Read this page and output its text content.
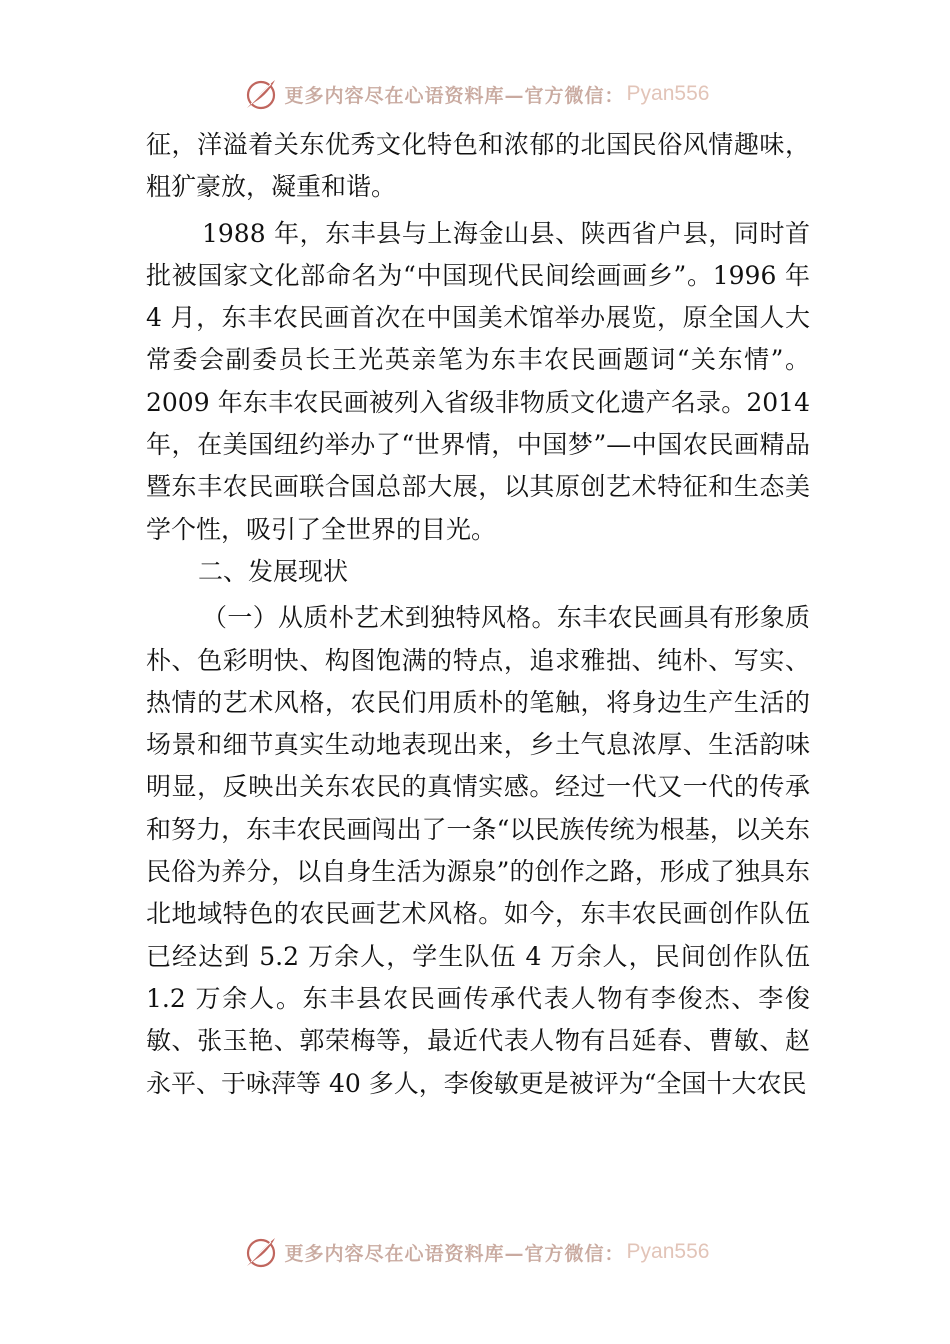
更多内容尽在心语资料库—官方微信： Pyan556

征，洋溢着关东优秀文化特色和浓郁的北国民俗风情趣味，粗犷豪放，凝重和谐。

1988 年，东丰县与上海金山县、陕西省户县，同时首批被国家文化部命名为“中国现代民间绘画画乡”。1996 年 4 月，东丰农民画首次在中国美术馆举办展览，原全国人大常委会副委员长王光英亲笔为东丰农民画题词“关东情”。2009 年东丰农民画被列入省级非物质文化遗产名录。2014 年，在美国纽约举办了“世界情，中国梦”—中国农民画精品暨东丰农民画联合国总部大展，以其原创艺术特征和生态美学个性，吸引了全世界的目光。

二、发展现状

（一）从质朴艺术到独特风格。东丰农民画具有形象质朴、色彩明快、构图饱满的特点，追求雅拙、纯朴、写实、热情的艺术风格，农民们用质朴的笔触，将身边生产生活的场景和细节真实生动地表现出来，乡土气息浓厚、生活韵味明显，反映出关东农民的真情实感。经过一代又一代的传承和努力，东丰农民画闯出了一条“以民族传统为根基，以关东民俗为养分，以自身生活为源泉”的创作之路，形成了独具东北地域特色的农民画艺术风格。如今，东丰农民画创作队伍已经达到 5.2 万余人，学生队伍 4 万余人，民间创作队伍 1.2 万余人。东丰县农民画传承代表人物有李俊杰、李俊敏、张玉艳、郭荣梅等，最近代表人物有吕延春、曹敏、赵永平、于咏萍等 40 多人，李俊敏更是被评为“全国十大农民

更多内容尽在心语资料库—官方微信： Pyan556
